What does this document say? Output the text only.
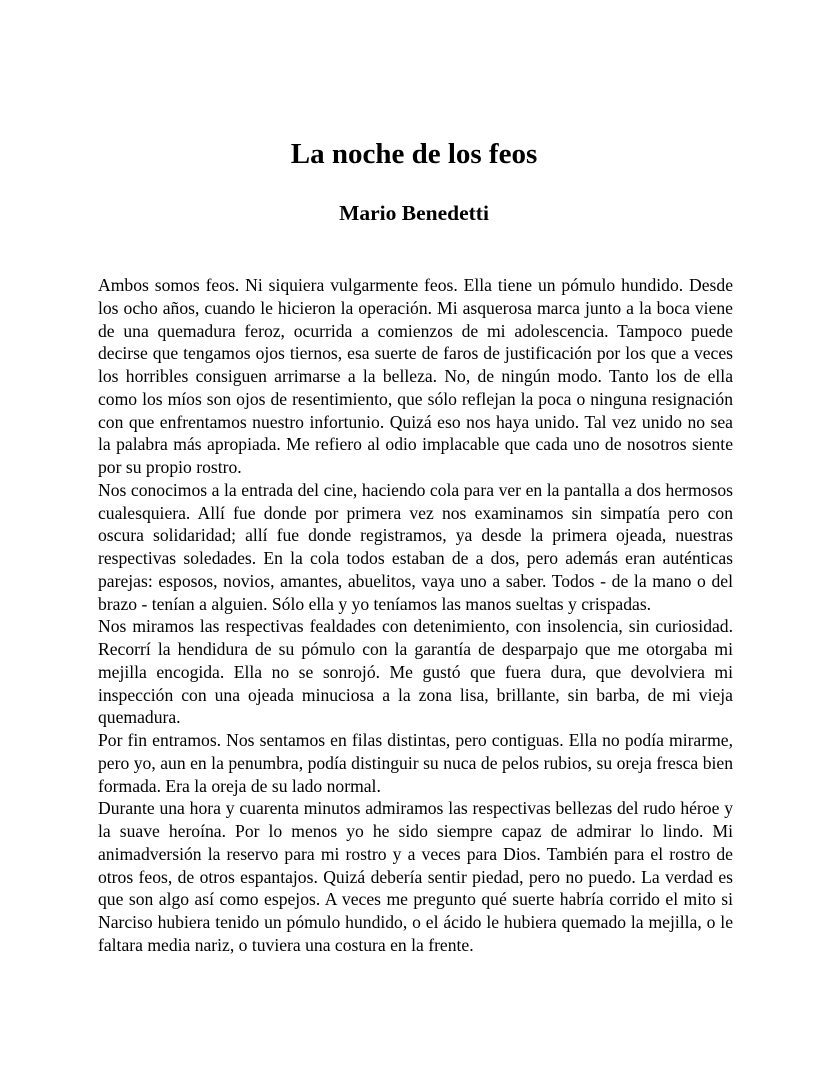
La noche de los feos
Mario Benedetti

Ambos somos feos. Ni siquiera vulgarmente feos. Ella tiene un pómulo hundido. Desde los ocho años, cuando le hicieron la operación. Mi asquerosa marca junto a la boca viene de una quemadura feroz, ocurrida a comienzos de mi adolescencia. Tampoco puede decirse que tengamos ojos tiernos, esa suerte de faros de justificación por los que a veces los horribles consiguen arrimarse a la belleza. No, de ningún modo. Tanto los de ella como los míos son ojos de resentimiento, que sólo reflejan la poca o ninguna resignación con que enfrentamos nuestro infortunio. Quizá eso nos haya unido. Tal vez unido no sea la palabra más apropiada. Me refiero al odio implacable que cada uno de nosotros siente por su propio rostro.

Nos conocimos a la entrada del cine, haciendo cola para ver en la pantalla a dos hermosos cualesquiera. Allí fue donde por primera vez nos examinamos sin simpatía pero con oscura solidaridad; allí fue donde registramos, ya desde la primera ojeada, nuestras respectivas soledades. En la cola todos estaban de a dos, pero además eran auténticas parejas: esposos, novios, amantes, abuelitos, vaya uno a saber. Todos - de la mano o del brazo - tenían a alguien. Sólo ella y yo teníamos las manos sueltas y crispadas.

Nos miramos las respectivas fealdades con detenimiento, con insolencia, sin curiosidad. Recorrí la hendidura de su pómulo con la garantía de desparpajo que me otorgaba mi mejilla encogida. Ella no se sonrojó. Me gustó que fuera dura, que devolviera mi inspección con una ojeada minuciosa a la zona lisa, brillante, sin barba, de mi vieja quemadura.

Por fin entramos. Nos sentamos en filas distintas, pero contiguas. Ella no podía mirarme, pero yo, aun en la penumbra, podía distinguir su nuca de pelos rubios, su oreja fresca bien formada. Era la oreja de su lado normal.

Durante una hora y cuarenta minutos admiramos las respectivas bellezas del rudo héroe y la suave heroína. Por lo menos yo he sido siempre capaz de admirar lo lindo. Mi animadversión la reservo para mi rostro y a veces para Dios. También para el rostro de otros feos, de otros espantajos. Quizá debería sentir piedad, pero no puedo. La verdad es que son algo así como espejos. A veces me pregunto qué suerte habría corrido el mito si Narciso hubiera tenido un pómulo hundido, o el ácido le hubiera quemado la mejilla, o le faltara media nariz, o tuviera una costura en la frente.
